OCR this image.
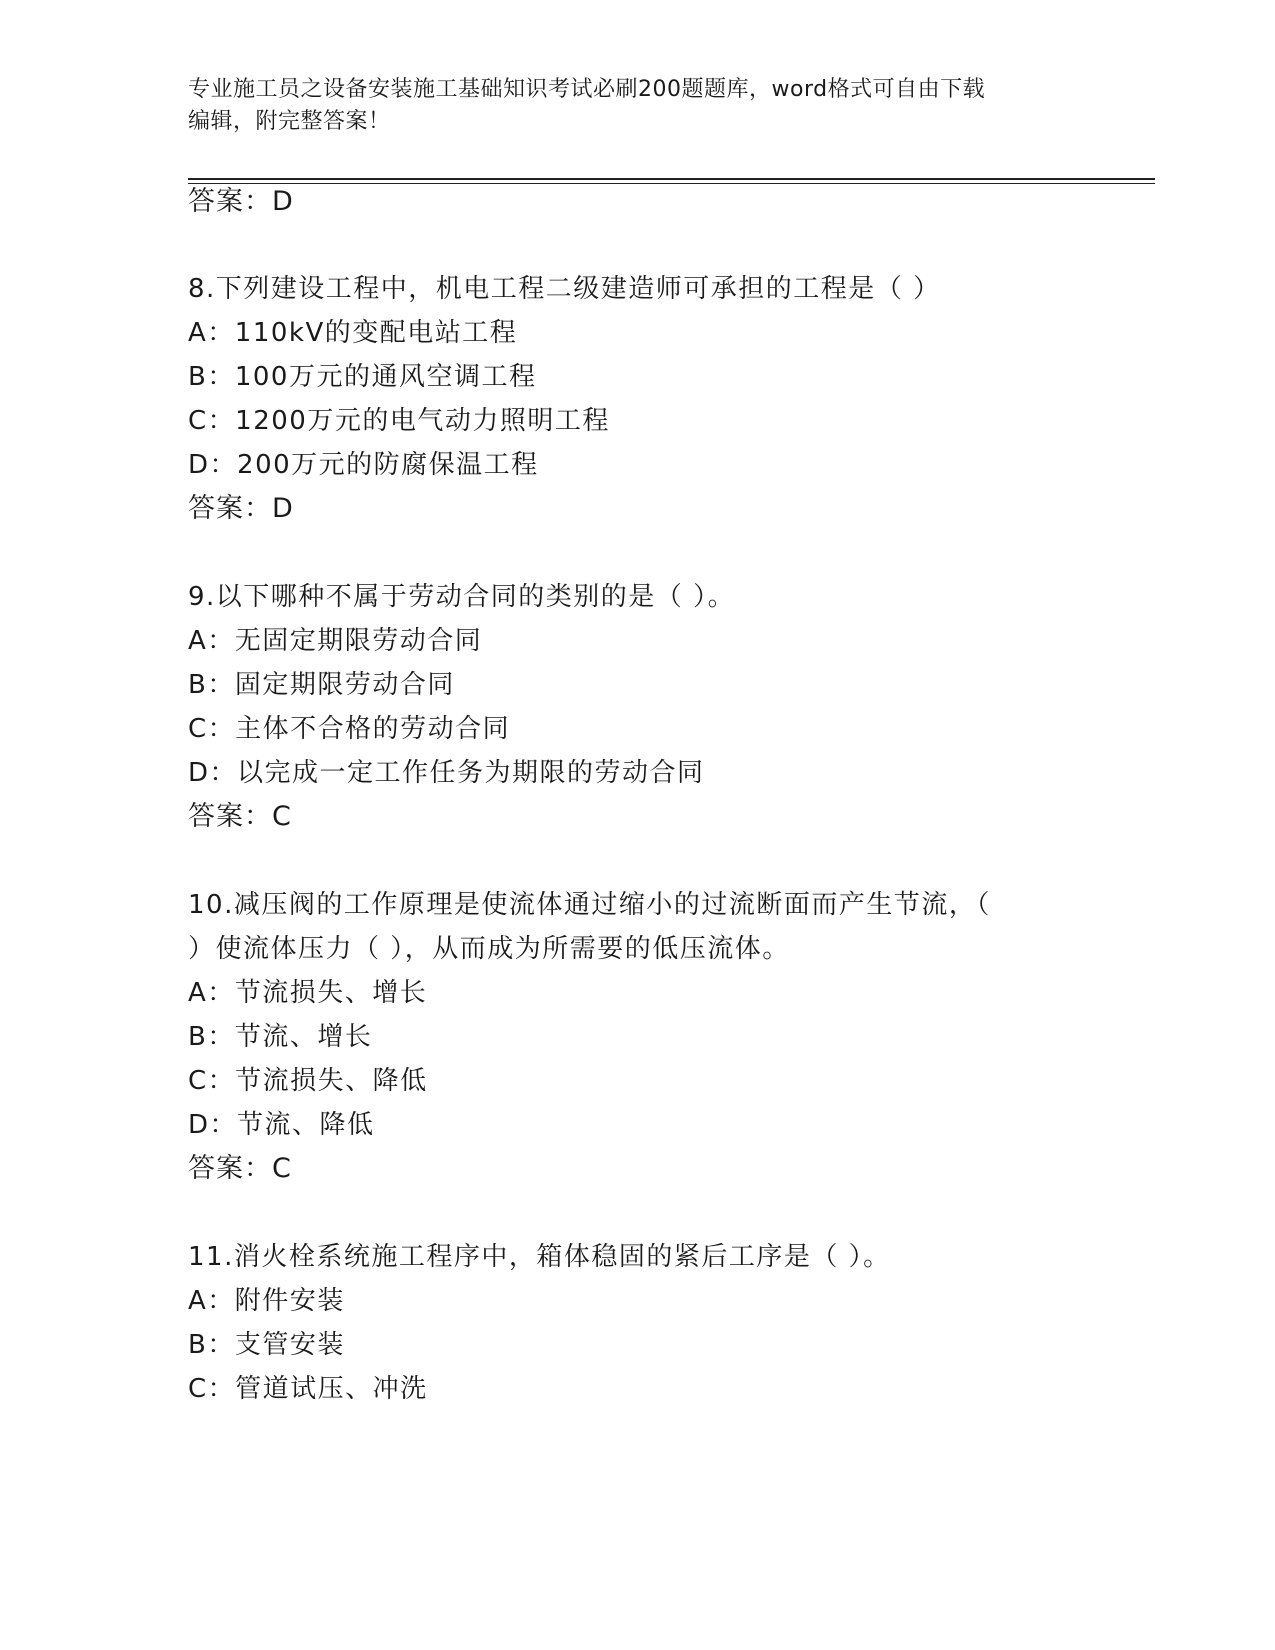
专业施工员之设备安装施工基础知识考试必刷200题题库，word格式可自由下载
编辑，附完整答案！
答案：D
8.下列建设工程中，机电工程二级建造师可承担的工程是（ ）
A：110kV的变配电站工程
B：100万元的通风空调工程
C：1200万元的电气动力照明工程
D：200万元的防腐保温工程
答案：D
9.以下哪种不属于劳动合同的类别的是（ ）。
A：无固定期限劳动合同
B：固定期限劳动合同
C：主体不合格的劳动合同
D：以完成一定工作任务为期限的劳动合同
答案：C
10.减压阀的工作原理是使流体通过缩小的过流断面而产生节流，（
）使流体压力（ ），从而成为所需要的低压流体。
A：节流损失、增长
B：节流、增长
C：节流损失、降低
D：节流、降低
答案：C
11.消火栓系统施工程序中，箱体稳固的紧后工序是（ ）。
A：附件安装
B：支管安装
C：管道试压、冲洗
